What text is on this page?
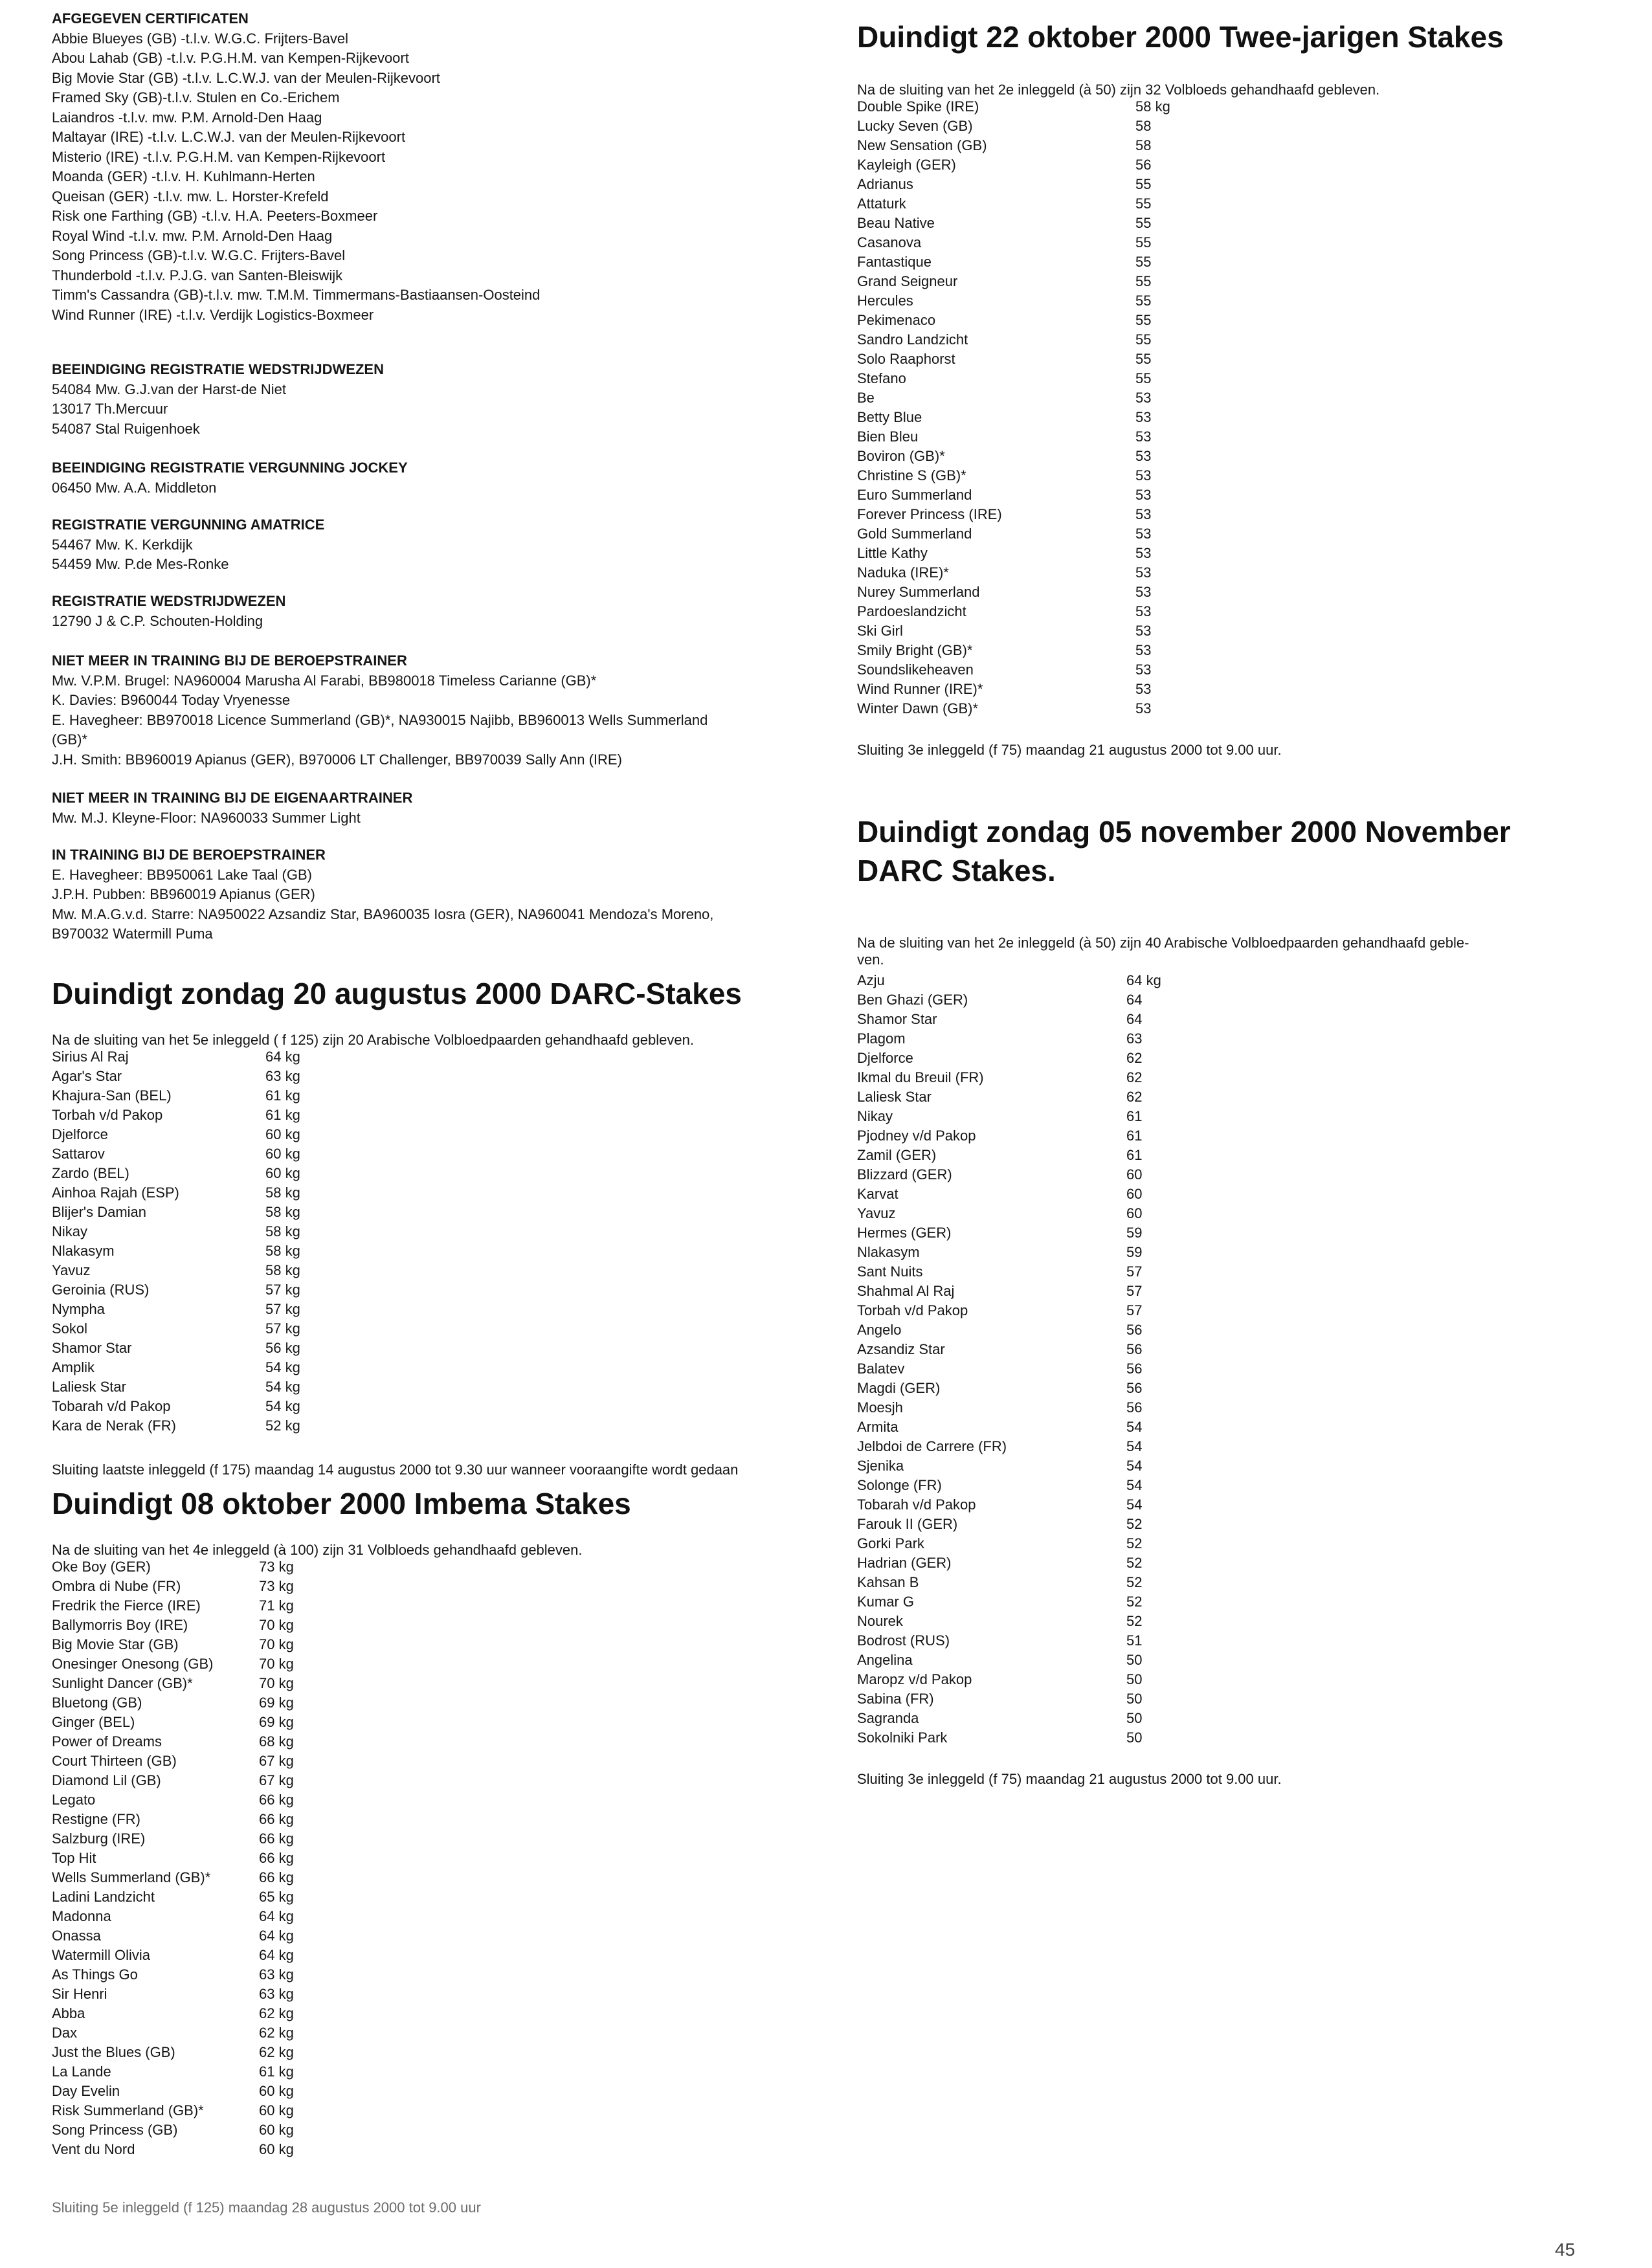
AFGEGEVEN CERTIFICATEN

Abbie Blueyes (GB) -t.l.v. W.G.C. Frijters-Bavel

Abou Lahab (GB) -t.l.v. P.G.H.M. van Kempen-Rijkevoort

Big Movie Star (GB) -t.l.v. L.C.W.J. van der Meulen-Rijkevoort

Framed Sky (GB)-t.l.v. Stulen en Co.-Erichem

Laiandros -t.l.v. mw. P.M. Arnold-Den Haag

Maltayar (IRE) -t.l.v. L.C.W.J. van der Meulen-Rijkevoort

Misterio (IRE) -t.l.v. P.G.H.M. van Kempen-Rijkevoort

Moanda (GER) -t.l.v. H. Kuhlmann-Herten

Queisan (GER) -t.l.v. mw. L. Horster-Krefeld

Risk one Farthing (GB) -t.l.v. H.A. Peeters-Boxmeer

Royal Wind -t.l.v. mw. P.M. Arnold-Den Haag

Song Princess (GB)-t.l.v. W.G.C. Frijters-Bavel

Thunderbold -t.l.v. P.J.G. van Santen-Bleiswijk

Timm's Cassandra (GB)-t.l.v. mw. T.M.M. Timmermans-Bastiaansen-Oosteind

Wind Runner (IRE) -t.l.v. Verdijk Logistics-Boxmeer

BEEINDIGING REGISTRATIE WEDSTRIJDWEZEN

54084 Mw. G.J.van der Harst-de Niet

13017 Th.Mercuur

54087 Stal Ruigenhoek

BEEINDIGING REGISTRATIE VERGUNNING JOCKEY

06450 Mw. A.A. Middleton

REGISTRATIE VERGUNNING AMATRICE

54467 Mw. K. Kerkdijk

54459 Mw. P.de Mes-Ronke

REGISTRATIE WEDSTRIJDWEZEN

12790 J & C.P. Schouten-Holding

NIET MEER IN TRAINING BIJ DE BEROEPSTRAINER

Mw. V.P.M. Brugel: NA960004 Marusha Al Farabi, BB980018 Timeless Carianne (GB)*

K. Davies: B960044 Today Vryenesse

E. Havegheer: BB970018 Licence Summerland (GB)*, NA930015 Najibb, BB960013 Wells Summerland

(GB)*

J.H. Smith: BB960019 Apianus (GER), B970006 LT Challenger, BB970039 Sally Ann (IRE)

NIET MEER IN TRAINING BIJ DE EIGENAARTRAINER

Mw. M.J. Kleyne-Floor: NA960033 Summer Light

IN TRAINING BIJ DE BEROEPSTRAINER

E. Havegheer: BB950061 Lake Taal (GB)

J.P.H. Pubben: BB960019 Apianus (GER)

Mw. M.A.G.v.d. Starre: NA950022 Azsandiz Star, BA960035 Iosra (GER), NA960041 Mendoza's Moreno,

B970032 Watermill Puma

Duindigt zondag 20 augustus 2000 DARC-Stakes
Na de sluiting van het 5e inleggeld ( f 125) zijn 20 Arabische Volbloedpaarden gehandhaafd gebleven.
Sirius Al Raj	64 kg
Agar's Star	63 kg
Khajura-San (BEL)	61 kg
Torbah v/d Pakop	61 kg
Djelforce	60 kg
Sattarov	60 kg
Zardo (BEL)	60 kg
Ainhoa Rajah (ESP)	58 kg
Blijer's Damian	58 kg
Nikay	58 kg
Nlakasym	58 kg
Yavuz	58 kg
Geroinia (RUS)	57 kg
Nympha	57 kg
Sokol	57 kg
Shamor Star	56 kg
Amplik	54 kg
Laliesk Star	54 kg
Tobarah v/d Pakop	54 kg
Kara de Nerak (FR)	52 kg
Sluiting laatste inleggeld (f 175) maandag 14 augustus 2000 tot 9.30 uur wanneer vooraangifte wordt gedaan
Duindigt 08 oktober 2000 Imbema Stakes
Na de sluiting van het 4e inleggeld (à 100) zijn 31 Volbloeds gehandhaafd gebleven.
Oke Boy (GER)	73 kg
Ombra di Nube (FR)	73 kg
Fredrik the Fierce (IRE)	71 kg
Ballymorris Boy (IRE)	70 kg
Big Movie Star (GB)	70 kg
Onesinger Onesong (GB)	70 kg
Sunlight Dancer (GB)*	70 kg
Bluetong (GB)	69 kg
Ginger (BEL)	69 kg
Power of Dreams	68 kg
Court Thirteen (GB)	67 kg
Diamond Lil (GB)	67 kg
Legato	66 kg
Restigne (FR)	66 kg
Salzburg (IRE)	66 kg
Top Hit	66 kg
Wells Summerland (GB)*	66 kg
Ladini Landzicht	65 kg
Madonna	64 kg
Onassa	64 kg
Watermill Olivia	64 kg
As Things Go	63 kg
Sir Henri	63 kg
Abba	62 kg
Dax	62 kg
Just the Blues (GB)	62 kg
La Lande	61 kg
Day Evelin	60 kg
Risk Summerland (GB)*	60 kg
Song Princess (GB)	60 kg
Vent du Nord	60 kg
Sluiting 5e inleggeld (f 125) maandag 28 augustus 2000 tot 9.00 uur
Duindigt 22 oktober 2000 Twee-jarigen Stakes
Na de sluiting van het 2e inleggeld (à 50) zijn 32 Volbloeds gehandhaafd gebleven.
Double Spike (IRE)	58 kg
Lucky Seven (GB)	58
New Sensation (GB)	58
Kayleigh (GER)	56
Adrianus	55
Attaturk	55
Beau Native	55
Casanova	55
Fantastique	55
Grand Seigneur	55
Hercules	55
Pekimenaco	55
Sandro Landzicht	55
Solo Raaphorst	55
Stefano	55
Be	53
Betty Blue	53
Bien Bleu	53
Boviron (GB)*	53
Christine S (GB)*	53
Euro Summerland	53
Forever Princess (IRE)	53
Gold Summerland	53
Little Kathy	53
Naduka (IRE)*	53
Nurey Summerland	53
Pardoeslandzicht	53
Ski Girl	53
Smily Bright (GB)*	53
Soundslikeheaven	53
Wind Runner (IRE)*	53
Winter Dawn (GB)*	53
Sluiting 3e inleggeld (f 75) maandag 21 augustus 2000 tot 9.00 uur.
Duindigt zondag 05 november 2000 November
DARC Stakes.
Na de sluiting van het 2e inleggeld (à 50) zijn 40 Arabische Volbloedpaarden gehandhaafd geble-
ven.
Azju	64 kg
Ben Ghazi (GER)	64
Shamor Star	64
Plagom	63
Djelforce	62
Ikmal du Breuil (FR)	62
Laliesk Star	62
Nikay	61
Pjodney v/d Pakop	61
Zamil (GER)	61
Blizzard (GER)	60
Karvat	60
Yavuz	60
Hermes (GER)	59
Nlakasym	59
Sant Nuits	57
Shahmal Al Raj	57
Torbah v/d Pakop	57
Angelo	56
Azsandiz Star	56
Balatev	56
Magdi (GER)	56
Moesjh	56
Armita	54
Jelbdoi de Carrere (FR)	54
Sjenika	54
Solonge (FR)	54
Tobarah v/d Pakop	54
Farouk II (GER)	52
Gorki Park	52
Hadrian (GER)	52
Kahsan B	52
Kumar G	52
Nourek	52
Bodrost (RUS)	51
Angelina	50
Maropz v/d Pakop	50
Sabina (FR)	50
Sagranda	50
Sokolniki Park	50
Sluiting 3e inleggeld (f 75) maandag 21 augustus 2000 tot 9.00 uur.
45
